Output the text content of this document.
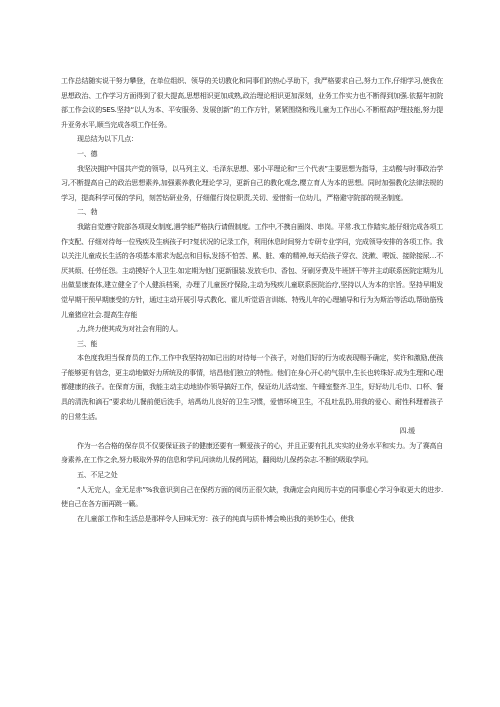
工作总结随实说干努力攀登，在单位组织、领导的关切教化和同事们的热心孚助下，我严格要求自己,努力工作,仔细学习,使我在思想政治、工作学习方面得到了很大提高,思想相识更加成熟,政治理论相识更加深刻，业务工作实力也不断得到加强.依据年初院部工作会议的SES.坚持“以人为本、平安服务、发展创新”的工作方针，紧紧围绕和残儿童为工作出心.不断框高护理技能,努力提升亚务水平,顺当完成各项工作任务。

现总结为以下几点：

一、德

我坚决拥护中国共产党的领导，以马列主义、毛泽东思想、邪小平理论和“三个代表”主要思想为指导，主动酸与时事政治学习,不断提高自己的政治思想素养,加强素养教化理论学习，更新自己的教化观念,樱立育人为本的思想。同时加强教化法律法规的学习，提高科学可保的学问，刻苦钻研业务，仔细催行岗位职责,关切、爱惜衔一位幼儿，严格避守院部的规圣制度。

二、勃

我踮自觉遵守院部各项现女制度,遇学能严格执行请假制度。工作中,不携自圈岗、串岗。平常.我工作踏实,能仔细完成各项工作支配、仔细对待每一位残疾及生病孩子叼?复状况的记录工作，利用休息时间努力专研专业学问，完成领导安排的各项工作。我以关注儿童成长生活的各项基本需求为起点和目标,发扬不怕苦、累、脏、难的精神,每天给孩子穿衣、洗漱、喂饭、接除接尿…不厌其烦、任劳任怨。主动摸好个人卫生.如定期为他门更新服装.发放毛巾、香包、牙刷牙费及牛班饼干等并主动联系医院定期为儿出做显康查体,建立健全了个人健浜档案，办理了儿童医疗保险,主动为残疾儿童联系医院治疗,坚持以人为本的宗旨。坚持早期发觉早期干预早期康受的方针，通过主动开展引导式教化、霍儿听觉语言训练、特残儿年的心理辅导和行为为斯治等活动,帮助筋残儿童猪应社会.提高生存能

,力,终力使其成为对社会有用的人。

三、能

本色度我坦当保育员的工作,工作中我坚持初如已出的对待每一个孩子，对他们好的行为或表现赐予确定，奖许和激励,使孩子能够更有信念，更主动地做好力所统及的事情，培昌他们独立的特性。他们在身心开心的气氛中,生长也转珠好.成为生理和心理都健康的孩子。在保育方面，我能主动主动地协作领导搞好工作，保证幼儿活动室、午睡室整齐.卫生，好好幼儿毛巾、口杯、餐具的清洗和滴石”要求幼儿餐前便后洗手，培禹幼儿良好的卫生习惯，爱惜环境卫生，不乱吐乱扔,用我的爱心、耐性科理着孩子的日常生活。

四.缓

作为一名合格的保存员不仅要保证孩子的健康还要有一颗爱孩子的心，并且正要有扎扎实实的业务水平和实力。为了赛高自身素养,在工作之余,努力吸取外界的信息和学问,问读幼儿保药网站，翻阅幼儿保药杂志.不断的吸取学问。

五、不足之处

“人无完人，金无足赤”%我意识到自己在保药方面的阅历正很欠缺，我确定会向阅历丰克的同事虚心学习争取更大的进步.使自己在各方面再跳一籁。

在儿童部工作和生活总是那样令人回味无穷：孩子的纯真与质朴博会唤出我的美妙生心，使我
